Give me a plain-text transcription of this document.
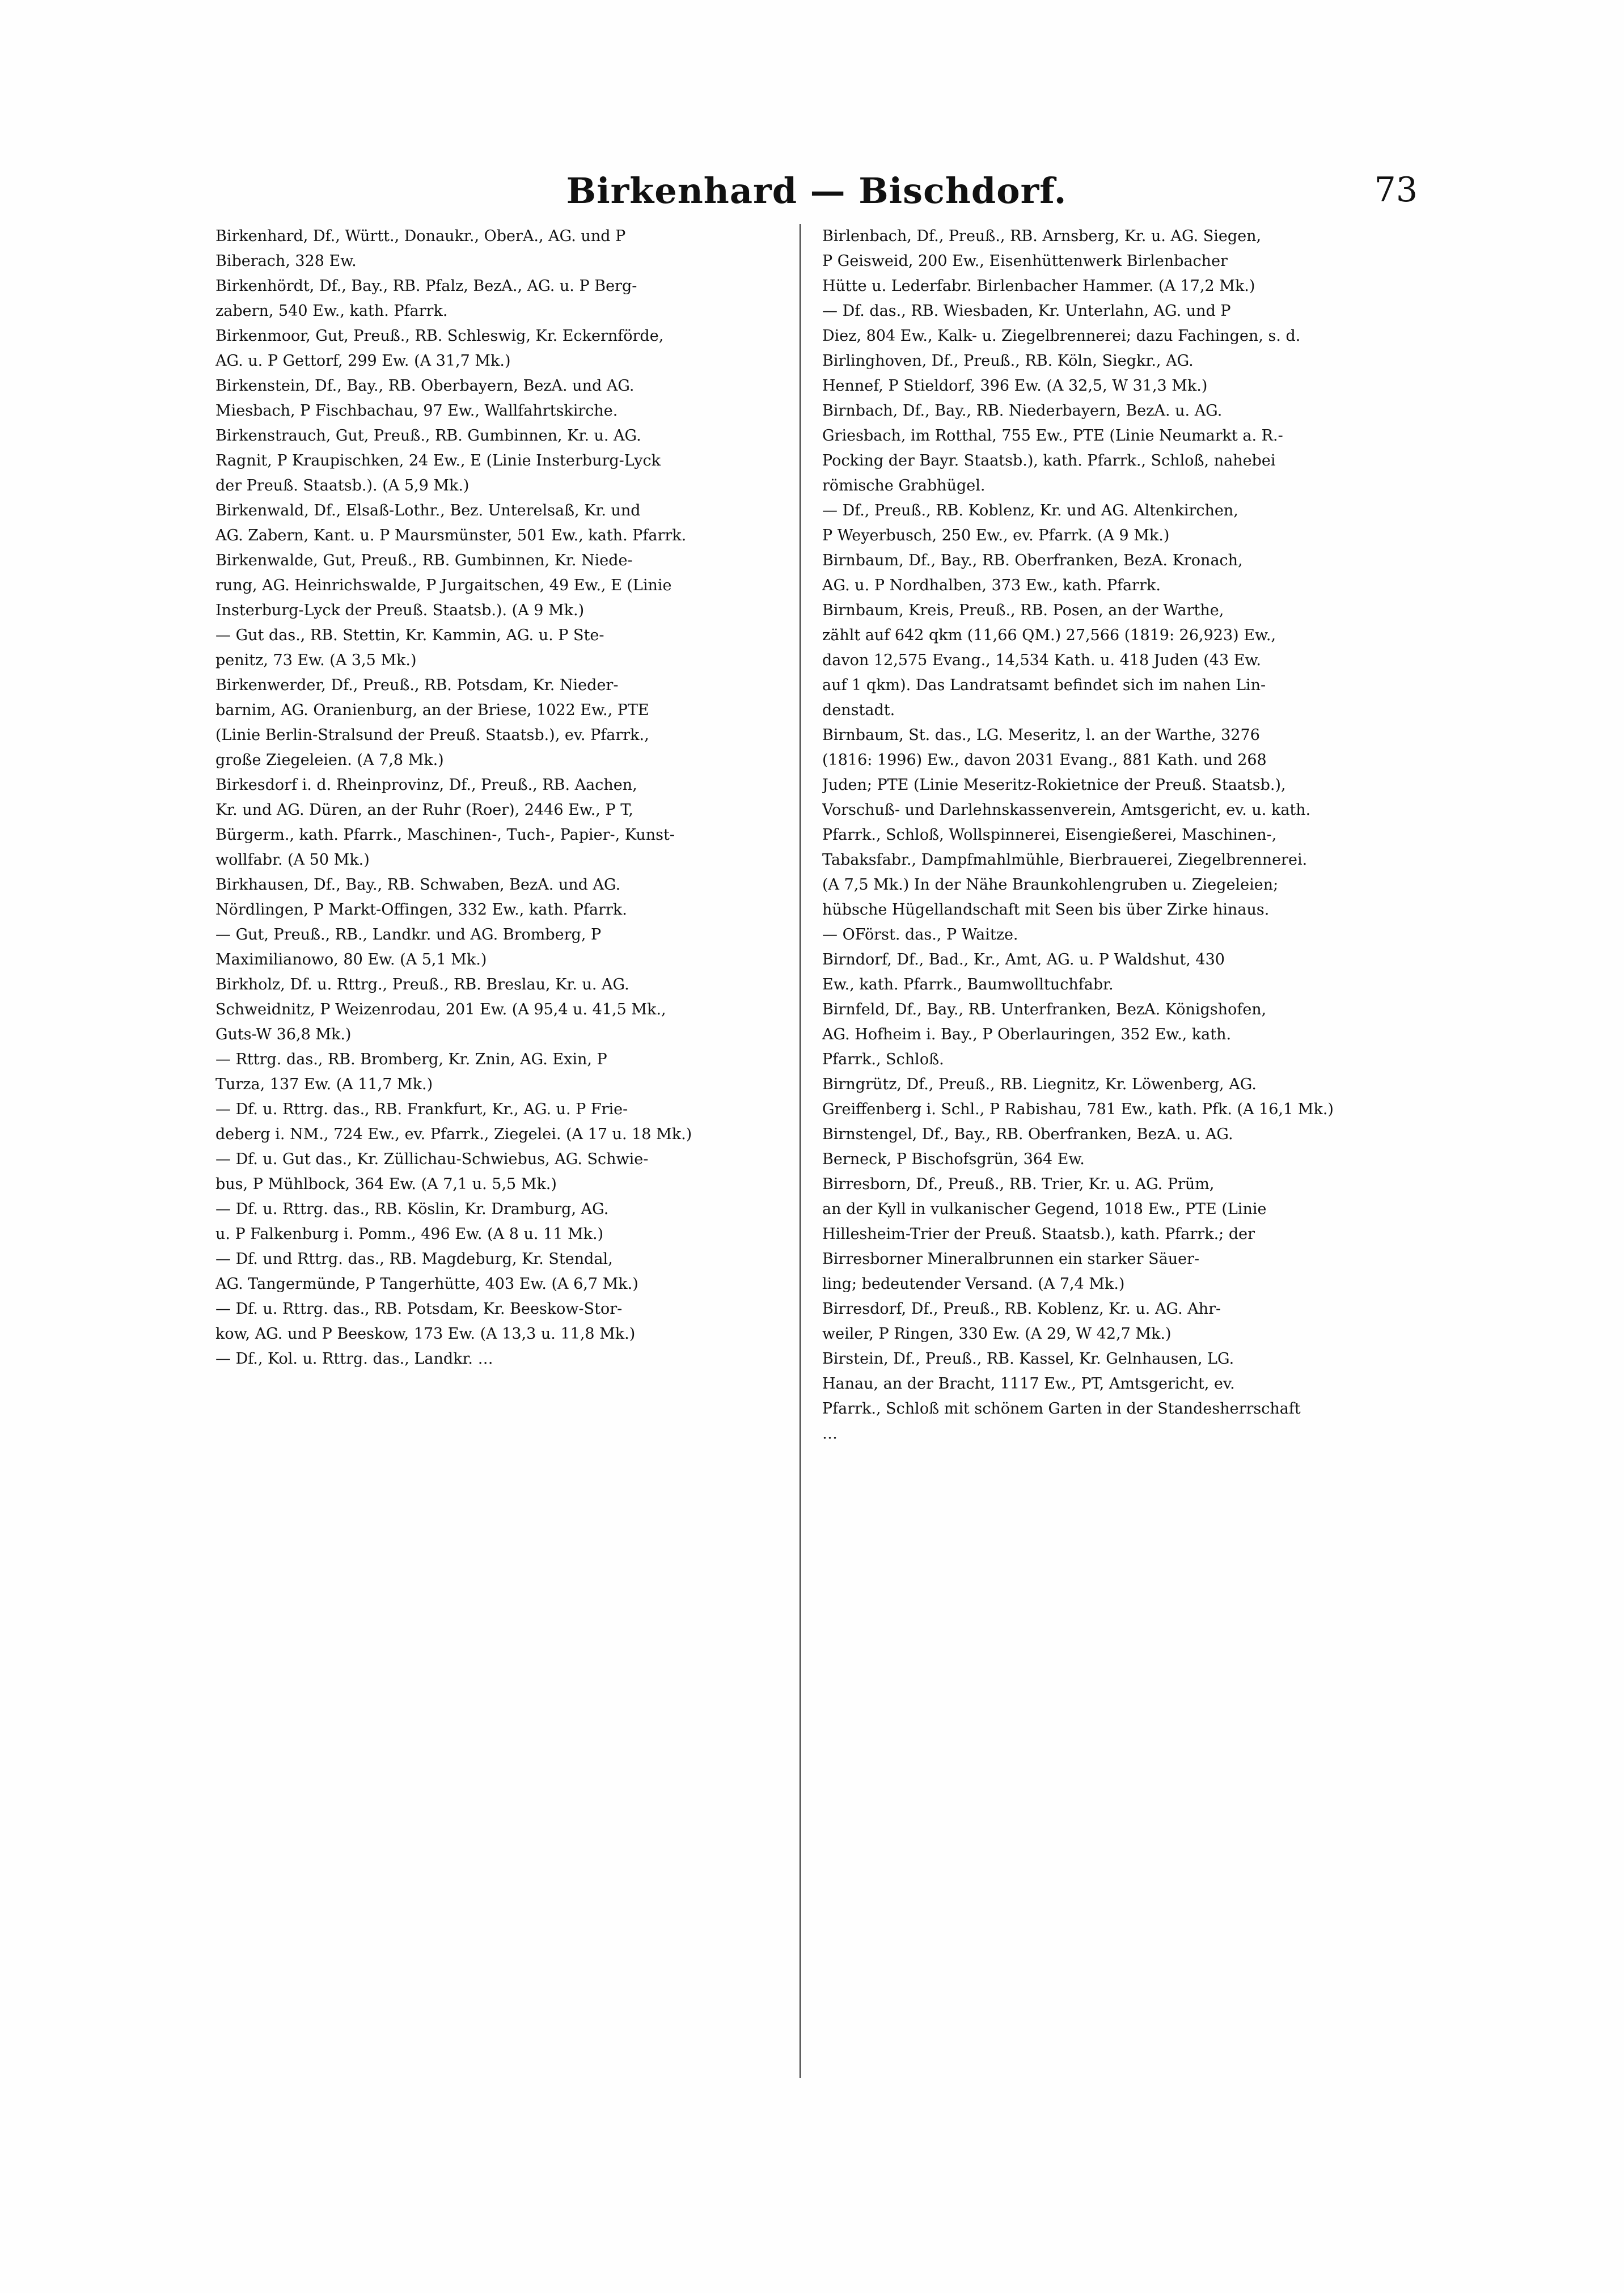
Birkenhard — Bischdorf.	73
Birkenhard, Df., Württ., Donaukr., OberA., AG. und P
Biberach, 328 Ew.
Birkenhördt, Df., Bay., RB. Pfalz, BezA., AG. u. P Berg-
zabern, 540 Ew., kath. Pfarrk.
Birkenmoor, Gut, Preuß., RB. Schleswig, Kr. Eckernförde,
AG. u. P Gettorf, 299 Ew. (A 31,7 Mk.)
Birkenstein, Df., Bay., RB. Oberbayern, BezA. und AG.
Miesbach, P Fischbachau, 97 Ew., Wallfahrtskirche.
Birkenstrauch, Gut, Preuß., RB. Gumbinnen, Kr. u. AG.
Ragnit, P Kraupischken, 24 Ew., E (Linie Insterburg-Lyck
der Preuß. Staatsb.). (A 5,9 Mk.)
Birkenwald, Df., Elsaß-Lothr., Bez. Unterelsaß, Kr. und
AG. Zabern, Kant. u. P Maursmünster, 501 Ew., kath. Pfarrk.
Birkenwalde, Gut, Preuß., RB. Gumbinnen, Kr. Niede-
rung, AG. Heinrichswalde, P Jurgaitschen, 49 Ew., E (Linie
Insterburg-Lyck der Preuß. Staatsb.). (A 9 Mk.)
— Gut das., RB. Stettin, Kr. Kammin, AG. u. P Ste-
penitz, 73 Ew. (A 3,5 Mk.)
Birkenwerder, Df., Preuß., RB. Potsdam, Kr. Nieder-
barnim, AG. Oranienburg, an der Briese, 1022 Ew., PTE
(Linie Berlin-Stralsund der Preuß. Staatsb.), ev. Pfarrk.,
große Ziegeleien. (A 7,8 Mk.)
Birkesdorf i. d. Rheinprovinz, Df., Preuß., RB. Aachen,
Kr. und AG. Düren, an der Ruhr (Roer), 2446 Ew., P T,
Bürgerm., kath. Pfarrk., Maschinen-, Tuch-, Papier-, Kunst-
wollfabr. (A 50 Mk.)
Birkhausen, Df., Bay., RB. Schwaben, BezA. und AG.
Nördlingen, P Markt-Offingen, 332 Ew., kath. Pfarrk.
— Gut, Preuß., RB., Landkr. und AG. Bromberg, P
Maximilianowo, 80 Ew. (A 5,1 Mk.)
Birkholz, Df. u. Rttrg., Preuß., RB. Breslau, Kr. u. AG.
Schweidnitz, P Weizenrodau, 201 Ew. (A 95,4 u. 41,5 Mk.,
Guts-W 36,8 Mk.)
— Rttrg. das., RB. Bromberg, Kr. Znin, AG. Exin, P
Turza, 137 Ew. (A 11,7 Mk.)
— Df. u. Rttrg. das., RB. Frankfurt, Kr., AG. u. P Frie-
deberg i. NM., 724 Ew., ev. Pfarrk., Ziegelei. (A 17 u. 18 Mk.)
— Df. u. Gut das., Kr. Züllichau-Schwiebus, AG. Schwie-
bus, P Mühlbock, 364 Ew. (A 7,1 u. 5,5 Mk.)
— Df. u. Rttrg. das., RB. Köslin, Kr. Dramburg, AG.
u. P Falkenburg i. Pomm., 496 Ew. (A 8 u. 11 Mk.)
— Df. und Rttrg. das., RB. Magdeburg, Kr. Stendal,
AG. Tangermünde, P Tangerhütte, 403 Ew. (A 6,7 Mk.)
— Df. u. Rttrg. das., RB. Potsdam, Kr. Beeskow-Stor-
kow, AG. und P Beeskow, 173 Ew. (A 13,3 u. 11,8 Mk.)
— Df., Kol. u. Rttrg. das., Landkr. …
Birlenbach, Df., Preuß., RB. Arnsberg, Kr. u. AG. Siegen,
P Geisweid, 200 Ew., Eisenhüttenwerk Birlenbacher
Hütte u. Lederfabr. Birlenbacher Hammer. (A 17,2 Mk.)
— Df. das., RB. Wiesbaden, Kr. Unterlahn, AG. und P
Diez, 804 Ew., Kalk- u. Ziegelbrennerei; dazu Fachingen, s. d.
Birlinghoven, Df., Preuß., RB. Köln, Siegkr., AG.
Hennef, P Stieldorf, 396 Ew. (A 32,5, W 31,3 Mk.)
Birnbach, Df., Bay., RB. Niederbayern, BezA. u. AG.
Griesbach, im Rotthal, 755 Ew., PTE (Linie Neumarkt a. R.-
Pocking der Bayr. Staatsb.), kath. Pfarrk., Schloß, nahebei
römische Grabhügel.
— Df., Preuß., RB. Koblenz, Kr. und AG. Altenkirchen,
P Weyerbusch, 250 Ew., ev. Pfarrk. (A 9 Mk.)
Birnbaum, Df., Bay., RB. Oberfranken, BezA. Kronach,
AG. u. P Nordhalben, 373 Ew., kath. Pfarrk.
Birnbaum, Kreis, Preuß., RB. Posen, an der Warthe,
zählt auf 642 qkm (11,66 QM.) 27,566 (1819: 26,923) Ew.,
davon 12,575 Evang., 14,534 Kath. u. 418 Juden (43 Ew.
auf 1 qkm). Das Landratsamt befindet sich im nahen Lin-
denstadt.
Birnbaum, St. das., LG. Meseritz, l. an der Warthe, 3276
(1816: 1996) Ew., davon 2031 Evang., 881 Kath. und 268
Juden; PTE (Linie Meseritz-Rokietnice der Preuß. Staatsb.),
Vorschuß- und Darlehnskassenverein, Amtsgericht, ev. u. kath.
Pfarrk., Schloß, Wollspinnerei, Eisengießerei, Maschinen-,
Tabaksfabr., Dampfmahlmühle, Bierbrauerei, Ziegelbrennerei.
(A 7,5 Mk.) In der Nähe Braunkohlengruben u. Ziegeleien;
hübsche Hügellandschaft mit Seen bis über Zirke hinaus.
— OFörst. das., P Waitze.
Birndorf, Df., Bad., Kr., Amt, AG. u. P Waldshut, 430
Ew., kath. Pfarrk., Baumwolltuchfabr.
Birnfeld, Df., Bay., RB. Unterfranken, BezA. Königshofen,
AG. Hofheim i. Bay., P Oberlauringen, 352 Ew., kath.
Pfarrk., Schloß.
Birngrütz, Df., Preuß., RB. Liegnitz, Kr. Löwenberg, AG.
Greiffenberg i. Schl., P Rabishau, 781 Ew., kath. Pfk. (A 16,1 Mk.)
Birnstengel, Df., Bay., RB. Oberfranken, BezA. u. AG.
Berneck, P Bischofsgrün, 364 Ew.
Birresborn, Df., Preuß., RB. Trier, Kr. u. AG. Prüm,
an der Kyll in vulkanischer Gegend, 1018 Ew., PTE (Linie
Hillesheim-Trier der Preuß. Staatsb.), kath. Pfarrk.; der
Birresborner Mineralbrunnen ein starker Säuer-
ling; bedeutender Versand. (A 7,4 Mk.)
Birresdorf, Df., Preuß., RB. Koblenz, Kr. u. AG. Ahr-
weiler, P Ringen, 330 Ew. (A 29, W 42,7 Mk.)
Birstein, Df., Preuß., RB. Kassel, Kr. Gelnhausen, LG.
Hanau, an der Bracht, 1117 Ew., PT, Amtsgericht, ev.
Pfarrk., Schloß mit schönem Garten in der Standesherrschaft
…
